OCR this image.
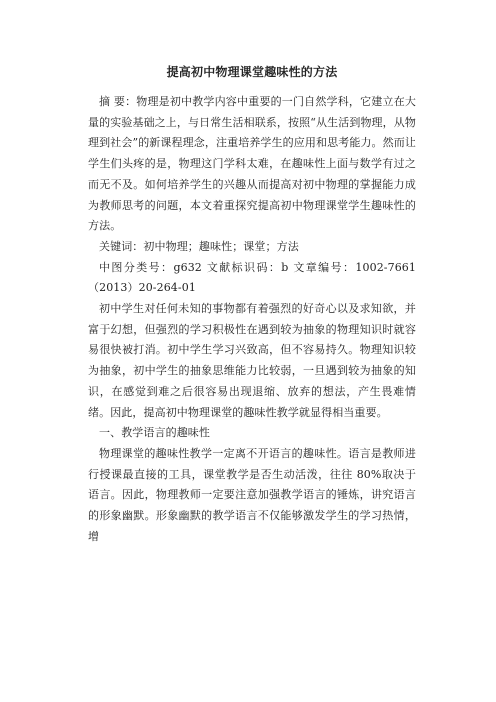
提高初中物理课堂趣味性的方法

摘 要：物理是初中教学内容中重要的一门自然学科，它建立在大量的实验基础之上，与日常生活相联系，按照“从生活到物理，从物理到社会”的新课程理念，注重培养学生的应用和思考能力。然而让学生们头疼的是，物理这门学科太难，在趣味性上面与数学有过之而无不及。如何培养学生的兴趣从而提高对初中物理的掌握能力成为教师思考的问题，本文着重探究提高初中物理课堂学生趣味性的方法。

关键词：初中物理；趣味性；课堂；方法

中图分类号：g632 文献标识码：b 文章编号：1002-7661（2013）20-264-01

初中学生对任何未知的事物都有着强烈的好奇心以及求知欲，并富于幻想，但强烈的学习积极性在遇到较为抽象的物理知识时就容易很快被打消。初中学生学习兴致高，但不容易持久。物理知识较为抽象，初中学生的抽象思维能力比较弱，一旦遇到较为抽象的知识，在感觉到难之后很容易出现退缩、放弃的想法，产生畏难情绪。因此，提高初中物理课堂的趣味性教学就显得相当重要。

一、教学语言的趣味性

物理课堂的趣味性教学一定离不开语言的趣味性。语言是教师进行授课最直接的工具，课堂教学是否生动活泼，往往 80%取决于语言。因此，物理教师一定要注意加强教学语言的锤炼，讲究语言的形象幽默。形象幽默的教学语言不仅能够激发学生的学习热情，增
